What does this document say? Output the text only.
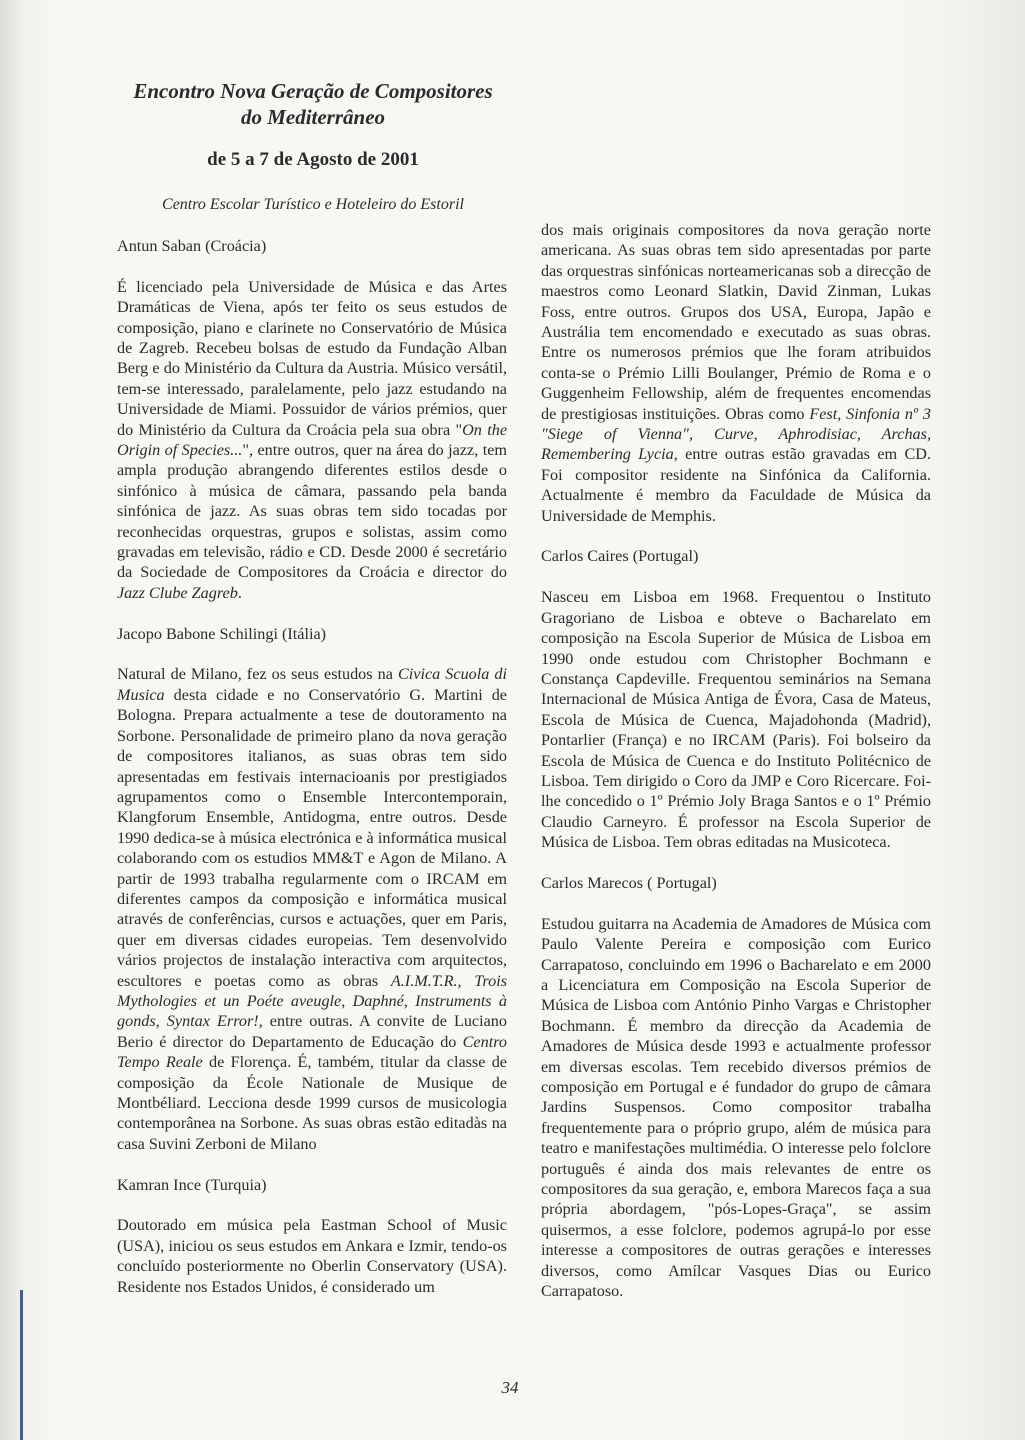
Encontro Nova Geração de Compositores
do Mediterrâneo
de 5 a 7 de Agosto de 2001
Centro Escolar Turístico e Hoteleiro do Estoril
Antun Saban (Croácia)

É licenciado pela Universidade de Música e das Artes Dramáticas de Viena, após ter feito os seus estudos de composição, piano e clarinete no Conservatório de Música de Zagreb. Recebeu bolsas de estudo da Fundação Alban Berg e do Ministério da Cultura da Austria. Músico versátil, tem-se interessado, paralelamente, pelo jazz estudando na Universidade de Miami. Possuidor de vários prémios, quer do Ministério da Cultura da Croácia pela sua obra "On the Origin of Species...", entre outros, quer na área do jazz, tem ampla produção abrangendo diferentes estilos desde o sinfónico à música de câmara, passando pela banda sinfónica de jazz. As suas obras tem sido tocadas por reconhecidas orquestras, grupos e solistas, assim como gravadas em televisão, rádio e CD. Desde 2000 é secretário da Sociedade de Compositores da Croácia e director do Jazz Clube Zagreb.

Jacopo Babone Schilingi (Itália)

Natural de Milano, fez os seus estudos na Civica Scuola di Musica desta cidade e no Conservatório G. Martini de Bologna. Prepara actualmente a tese de doutoramento na Sorbone. Personalidade de primeiro plano da nova geração de compositores italianos, as suas obras tem sido apresentadas em festivais internacioanis por prestigiados agrupamentos como o Ensemble Intercontemporain, Klangforum Ensemble, Antidogma, entre outros. Desde 1990 dedica-se à música electrónica e à informática musical colaborando com os estudios MM&T e Agon de Milano. A partir de 1993 trabalha regularmente com o IRCAM em diferentes campos da composição e informática musical através de conferências, cursos e actuações, quer em Paris, quer em diversas cidades europeias. Tem desenvolvido vários projectos de instalação interactiva com arquitectos, escultores e poetas como as obras A.I.M.T.R., Trois Mythologies et un Poéte aveugle, Daphné, Instruments à gonds, Syntax Error!, entre outras. A convite de Luciano Berio é director do Departamento de Educação do Centro Tempo Reale de Florença. É, também, titular da classe de composição da École Nationale de Musique de Montbéliard. Lecciona desde 1999 cursos de musicologia contemporânea na Sorbone. As suas obras estão editadàs na casa Suvini Zerboni de Milano

Kamran Ince (Turquia)

Doutorado em música pela Eastman School of Music (USA), iniciou os seus estudos em Ankara e Izmir, tendo-os concluído posteriormente no Oberlin Conservatory (USA). Residente nos Estados Unidos, é considerado um

dos mais originais compositores da nova geração norte americana. As suas obras tem sido apresentadas por parte das orquestras sinfónicas norteamericanas sob a direcção de maestros como Leonard Slatkin, David Zinman, Lukas Foss, entre outros. Grupos dos USA, Europa, Japão e Austrália tem encomendado e executado as suas obras. Entre os numerosos prémios que lhe foram atribuidos conta-se o Prémio Lilli Boulanger, Prémio de Roma e o Guggenheim Fellowship, além de frequentes encomendas de prestigiosas instituições. Obras como Fest, Sinfonia nº 3 "Siege of Vienna", Curve, Aphrodisiac, Archas, Remembering Lycia, entre outras estão gravadas em CD. Foi compositor residente na Sinfónica da California. Actualmente é membro da Faculdade de Música da Universidade de Memphis.

Carlos Caires (Portugal)

Nasceu em Lisboa em 1968. Frequentou o Instituto Gragoriano de Lisboa e obteve o Bacharelato em composição na Escola Superior de Música de Lisboa em 1990 onde estudou com Christopher Bochmann e Constança Capdeville. Frequentou seminários na Semana Internacional de Música Antiga de Évora, Casa de Mateus, Escola de Música de Cuenca, Majadohonda (Madrid), Pontarlier (França) e no IRCAM (Paris). Foi bolseiro da Escola de Música de Cuenca e do Instituto Politécnico de Lisboa. Tem dirigido o Coro da JMP e Coro Ricercare. Foi-lhe concedido o 1º Prémio Joly Braga Santos e o 1º Prémio Claudio Carneyro. É professor na Escola Superior de Música de Lisboa. Tem obras editadas na Musicoteca.

Carlos Marecos ( Portugal)

Estudou guitarra na Academia de Amadores de Música com Paulo Valente Pereira e composição com Eurico Carrapatoso, concluindo em 1996 o Bacharelato e em 2000 a Licenciatura em Composição na Escola Superior de Música de Lisboa com António Pinho Vargas e Christopher Bochmann. É membro da direcção da Academia de Amadores de Música desde 1993 e actualmente professor em diversas escolas. Tem recebido diversos prémios de composição em Portugal e é fundador do grupo de câmara Jardins Suspensos. Como compositor trabalha frequentemente para o próprio grupo, além de música para teatro e manifestações multimédia. O interesse pelo folclore português é ainda dos mais relevantes de entre os compositores da sua geração, e, embora Marecos faça a sua própria abordagem, "pós-Lopes-Graça", se assim quisermos, a esse folclore, podemos agrupá-lo por esse interesse a compositores de outras gerações e interesses diversos, como Amílcar Vasques Dias ou Eurico Carrapatoso.

34
